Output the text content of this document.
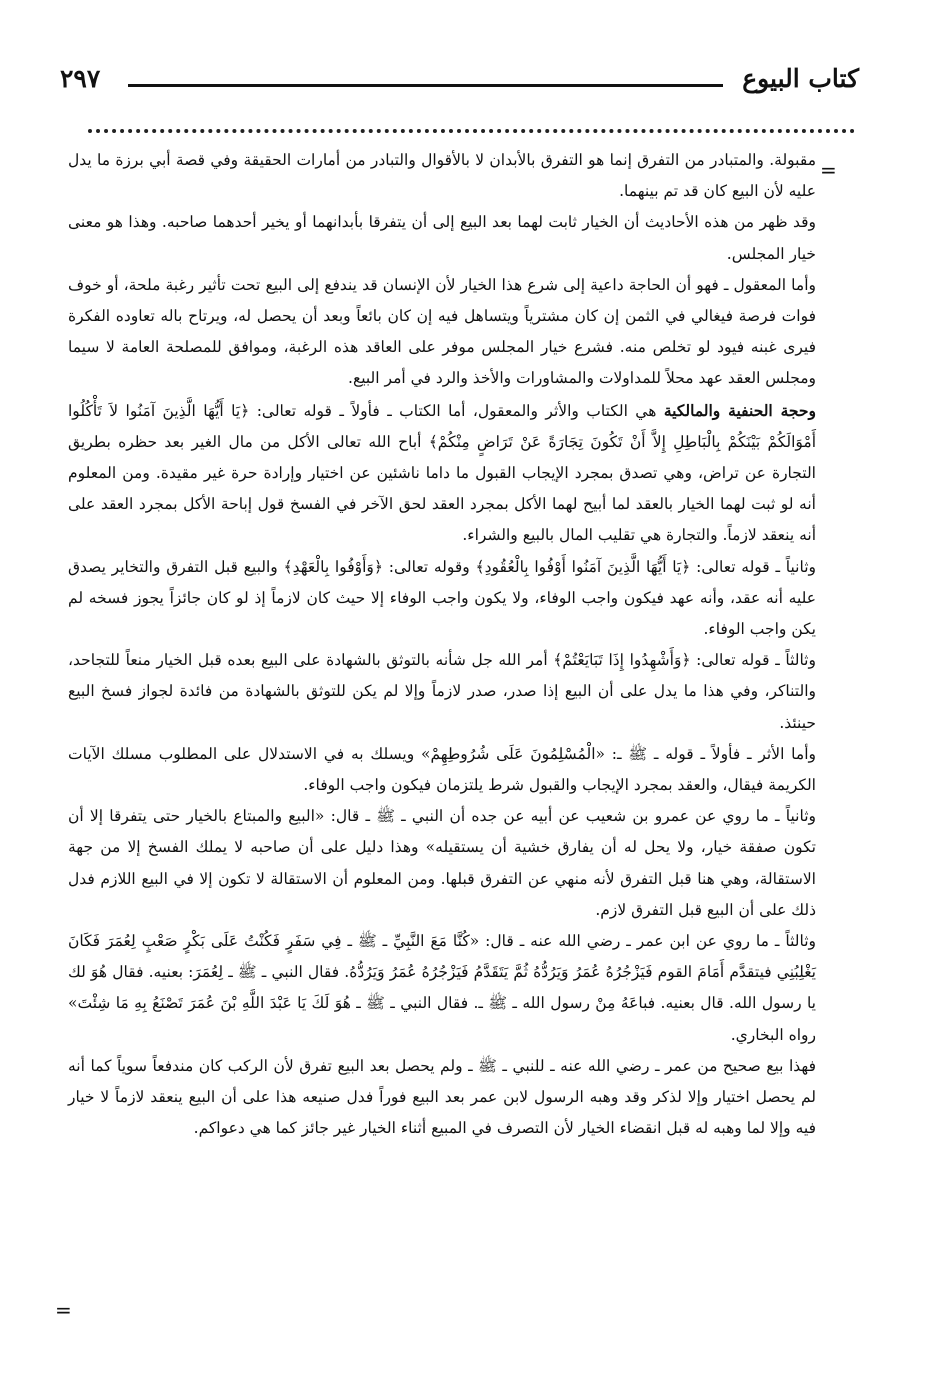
كتاب البيوع
٢٩٧
=
=

مقبولة. والمتبادر من التفرق إنما هو التفرق بالأبدان لا بالأقوال والتبادر من أمارات الحقيقة وفي قصة أبي برزة ما يدل عليه لأن البيع كان قد تم بينهما.

وقد ظهر من هذه الأحاديث أن الخيار ثابت لهما بعد البيع إلى أن يتفرقا بأبدانهما أو يخير أحدهما صاحبه. وهذا هو معنى خيار المجلس.

وأما المعقول ـ فهو أن الحاجة داعية إلى شرع هذا الخيار لأن الإنسان قد يندفع إلى البيع تحت تأثير رغبة ملحة، أو خوف فوات فرصة فيغالي في الثمن إن كان مشترياً ويتساهل فيه إن كان بائعاً وبعد أن يحصل له، ويرتاح باله تعاوده الفكرة فيرى غبنه فيود لو تخلص منه. فشرع خيار المجلس موفر على العاقد هذه الرغبة، وموافق للمصلحة العامة لا سيما ومجلس العقد عهد محلاً للمداولات والمشاورات والأخذ والرد في أمر البيع.

وحجة الحنفية والمالكية هي الكتاب والأثر والمعقول، أما الكتاب ـ فأولاً ـ قوله تعالى: ﴿يَا أَيُّهَا الَّذِينَ آمَنُوا لاَ تَأْكُلُوا أَمْوَالَكُمْ بَيْنَكُمْ بِالْبَاطِلِ إِلاَّ أَنْ تَكُونَ تِجَارَةً عَنْ تَرَاضٍ مِنْكُمْ﴾ أباح الله تعالى الأكل من مال الغير بعد حظره بطريق التجارة عن تراض، وهي تصدق بمجرد الإيجاب القبول ما داما ناشئين عن اختيار وإرادة حرة غير مقيدة. ومن المعلوم أنه لو ثبت لهما الخيار بالعقد لما أبيح لهما الأكل بمجرد العقد لحق الآخر في الفسخ قول إباحة الأكل بمجرد العقد على أنه ينعقد لازماً. والتجارة هي تقليب المال بالبيع والشراء.

وثانياً ـ قوله تعالى: ﴿يَا أَيُّهَا الَّذِينَ آمَنُوا أَوْفُوا بِالْعُقُودِ﴾ وقوله تعالى: ﴿وَأَوْفُوا بِالْعَهْدِ﴾ والبيع قبل التفرق والتخاير يصدق عليه أنه عقد، وأنه عهد فيكون واجب الوفاء، ولا يكون واجب الوفاء إلا حيث كان لازماً إذ لو كان جائزاً يجوز فسخه لم يكن واجب الوفاء.

وثالثاً ـ قوله تعالى: ﴿وَأَشْهِدُوا إِذَا تَبَايَعْتُمْ﴾ أمر الله جل شأنه بالتوثق بالشهادة على البيع بعده قبل الخيار منعاً للتجاحد، والتناكر، وفي هذا ما يدل على أن البيع إذا صدر، صدر لازماً وإلا لم يكن للتوثق بالشهادة من فائدة لجواز فسخ البيع حينئذ.

وأما الأثر ـ فأولاً ـ قوله ـ ﷺ ـ: «الْمُسْلِمُونَ عَلَى شُرُوطِهِمْ» ويسلك به في الاستدلال على المطلوب مسلك الآيات الكريمة فيقال، والعقد بمجرد الإيجاب والقبول شرط يلتزمان فيكون واجب الوفاء.

وثانياً ـ ما روي عن عمرو بن شعيب عن أبيه عن جده أن النبي ـ ﷺ ـ قال: «البيع والمبتاع بالخيار حتى يتفرقا إلا أن تكون صفقة خيار، ولا يحل له أن يفارق خشية أن يستقيله» وهذا دليل على أن صاحبه لا يملك الفسخ إلا من جهة الاستقالة، وهي هنا قبل التفرق لأنه منهي عن التفرق قبلها. ومن المعلوم أن الاستقالة لا تكون إلا في البيع اللازم فدل ذلك على أن البيع قبل التفرق لازم.

وثالثاً ـ ما روي عن ابن عمر ـ رضي الله عنه ـ قال: «كُنَّا مَعَ النَّبِيِّ ـ ﷺ ـ فِي سَفَرٍ فَكُنْتُ عَلَى بَكْرٍ صَعْبٍ لِعُمَرَ فَكَانَ يَغْلِبُنِي فيتقدَّم أَمَامَ القوم فَيَزْجُرُهُ عُمَرُ وَيَرُدُّهُ ثُمَّ يَتَقَدَّمُ فَيَزْجُرُهُ عُمَرُ وَيَرُدُّهُ. فقال النبي ـ ﷺ ـ لِعُمَرَ: بعنيه. فقال هُوَ لك يا رسول الله. قال بعنيه. فباعَهُ مِنْ رسول الله ـ ﷺ ـ. فقال النبي ـ ﷺ ـ هُوَ لَكَ يَا عَبْدَ اللَّهِ بْنَ عُمَرَ تَصْنَعُ بِهِ مَا شِئْتَ» رواه البخاري.

فهذا بيع صحيح من عمر ـ رضي الله عنه ـ للنبي ـ ﷺ ـ ولم يحصل بعد البيع تفرق لأن الركب كان مندفعاً سوياً كما أنه لم يحصل اختيار وإلا لذكر وقد وهبه الرسول لابن عمر بعد البيع فوراً فدل صنيعه هذا على أن البيع ينعقد لازماً لا خيار فيه وإلا لما وهبه له قبل انقضاء الخيار لأن التصرف في المبيع أثناء الخيار غير جائز كما هي دعواكم.
